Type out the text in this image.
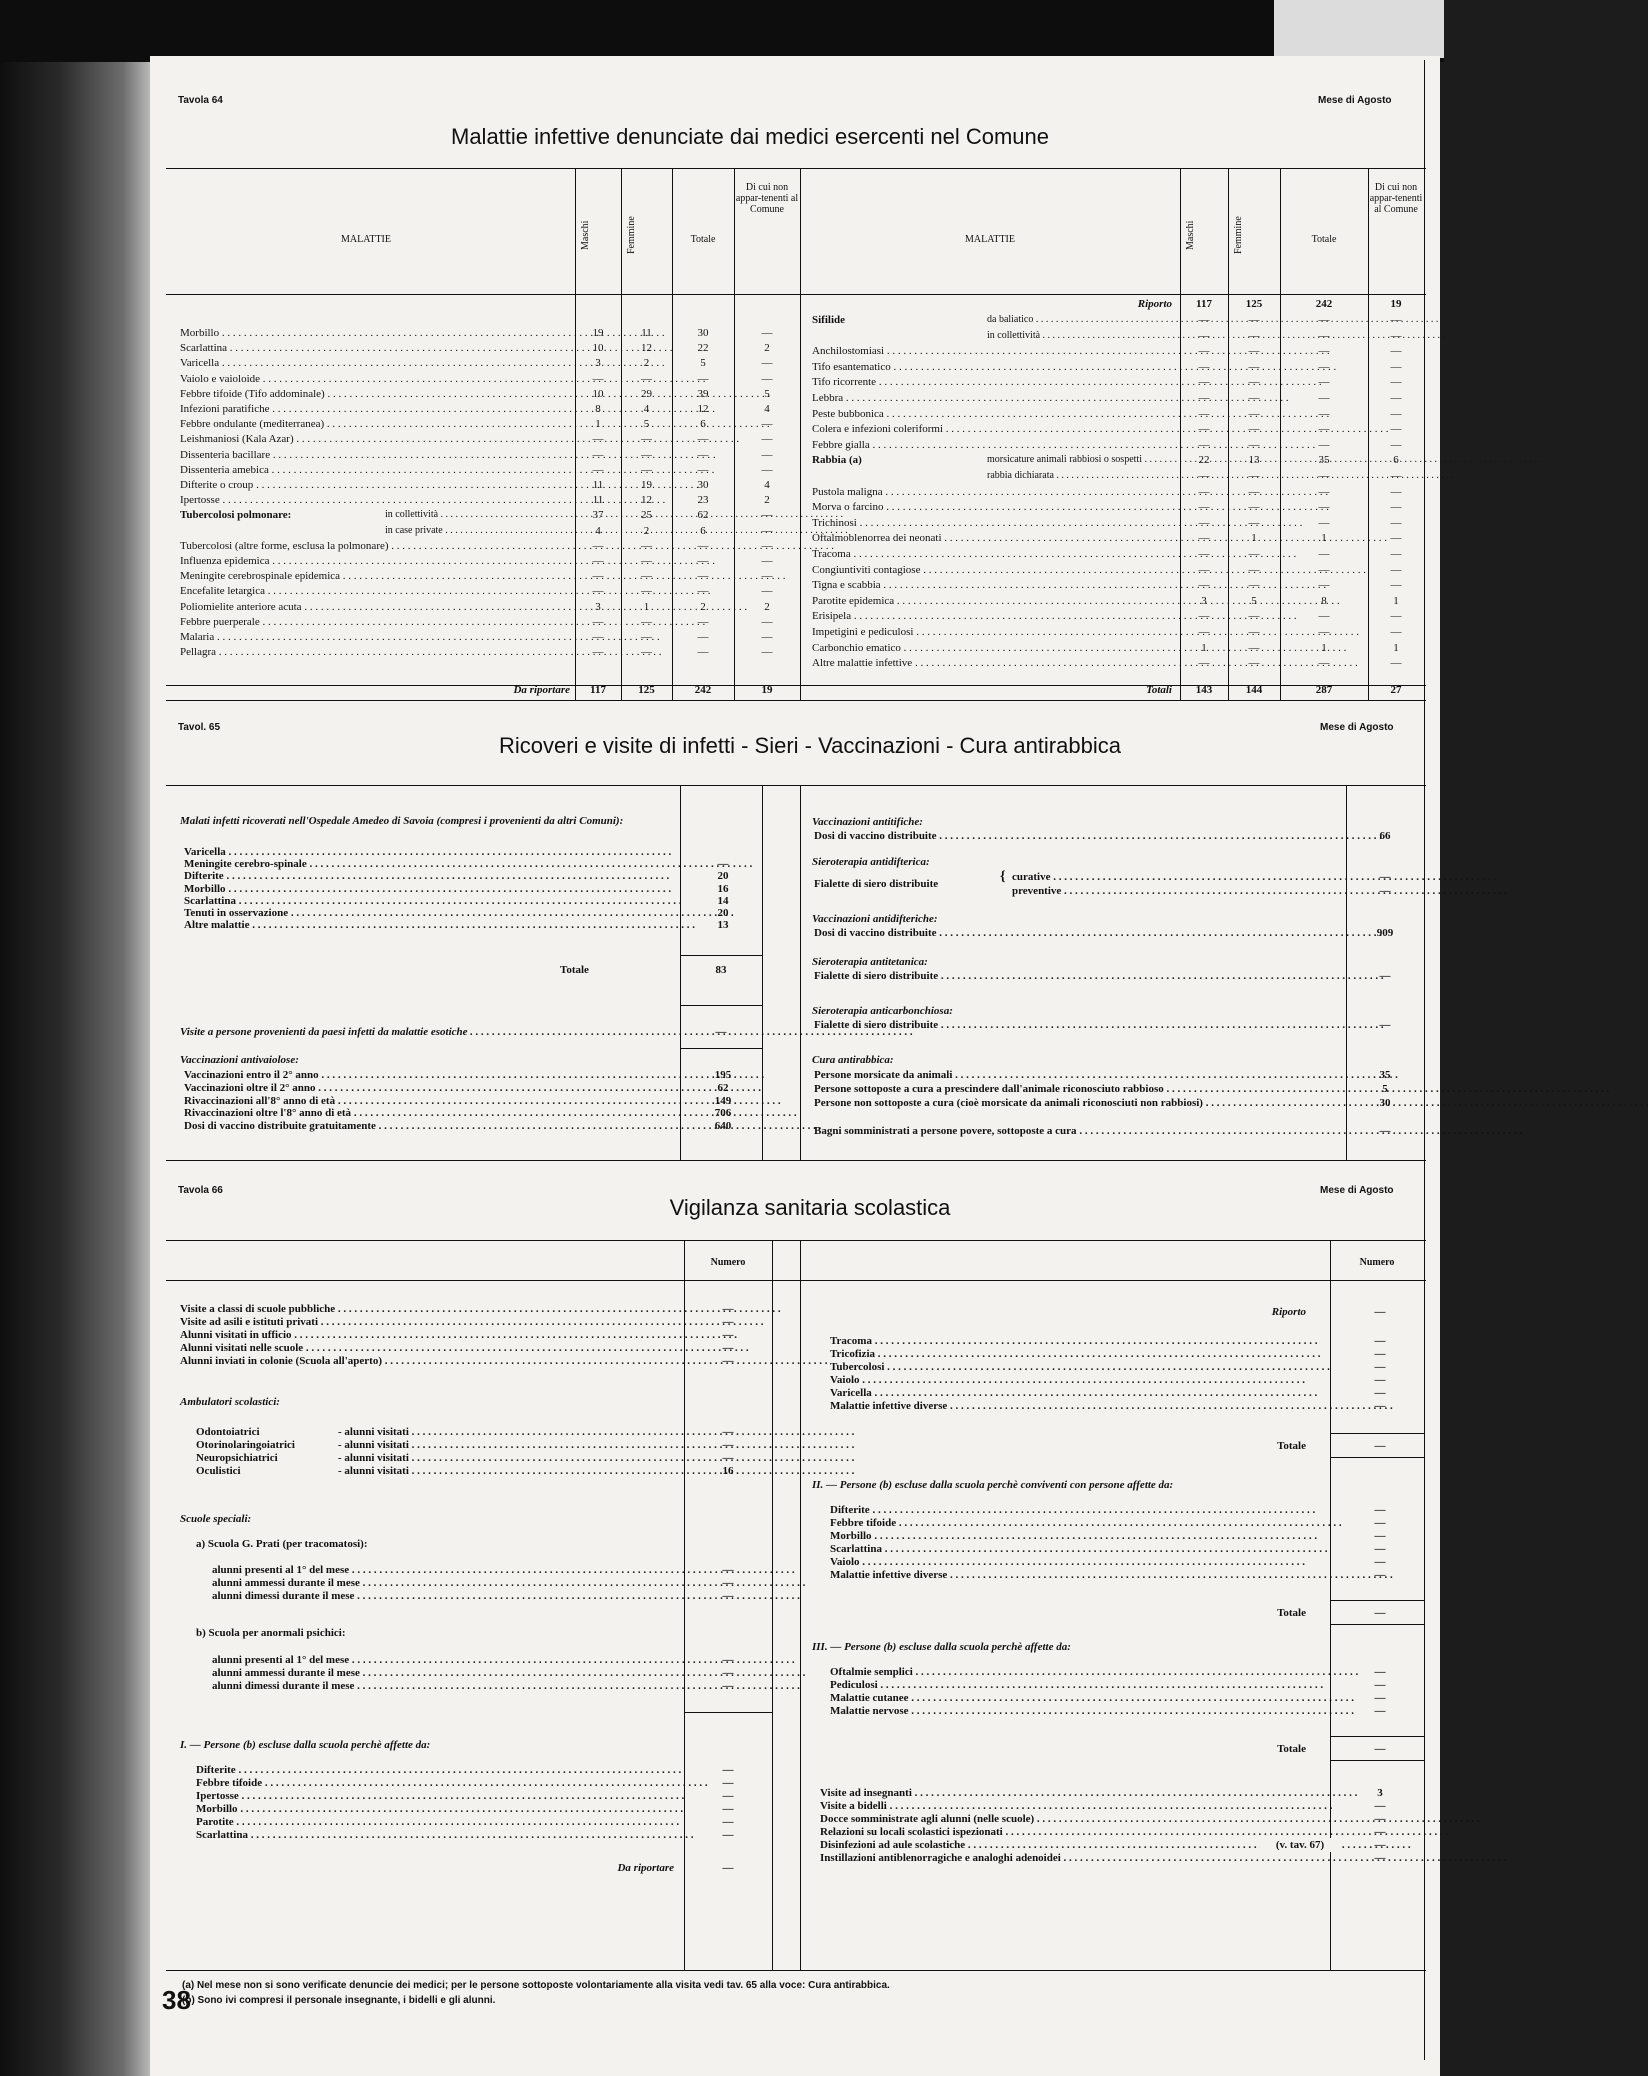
Tavola 64	Mese di Agosto
Malattie infettive denunciate dai medici esercenti nel Comune
MALATTIE	Maschi	Femmine	Totale
Di cui non appar-tenenti al Comune
MALATTIE	Maschi	Femmine	Totale
Di cui non appar-tenenti al Comune
Morbillo . . .	19	11	30	—
Scarlattina . . .	10	12	22	2
Varicella . . .	3	2	5	—
Vaiolo e vaioloide . . .	—	—	—	—
Febbre tifoide (Tifo addominale) . . .	10	29	39	5
Infezioni paratifiche . . .	8	4	12	4
Febbre ondulante (mediterranea) . . .	1	5	6	—
Leishmaniosi (Kala Azar) . . .	—	—	—	—
Dissenteria bacillare . . .	—	—	—	—
Dissenteria amebica . . .	—	—	—	—
Difterite o croup . . .	11	19	30	4
Ipertosse . . .	11	12	23	2
Tubercolosi polmonare:	in collettività . . .	37	25	62	—
in case private . . .	4	2	6	—
Tubercolosi (altre forme, esclusa la polmonare) . . .	—	—	—	—
Influenza epidemica . . .	—	—	—	—
Meningite cerebrospinale epidemica . . .	—	—	—	—
Encefalite letargica . . .	—	—	—	—
Poliomielite anteriore acuta . . .	3	1	2	2
Febbre puerperale . . .	—	—	—	—
Malaria . . .	—	—	—	—
Pellagra . . .	—	—	—	—
Da riportare	117	125	242	19
Riporto	117	125	242	19
Sifilide	da baliatico . . .	—	—	—	—
in collettività . . .	—	—	—	—
Anchilostomiasi . . .	—	—	—	—
Tifo esantematico . . .	—	—	—	—
Tifo ricorrente . . .	—	—	—	—
Lebbra . . .	—	—	—	—
Peste bubbonica . . .	—	—	—	—
Colera e infezioni coleriformi . . .	—	—	—	—
Febbre gialla . . .	—	—	—	—
Rabbia (a)	morsicature animali rabbiosi o sospetti . . .	22	13	35	6
rabbia dichiarata . . .	—	—	—	—
Pustola maligna . . .	—	—	—	—
Morva o farcino . . .	—	—	—	—
Trichinosi . . .	—	—	—	—
Oftalmoblenorrea dei neonati . . .	—	1	1	—
Tracoma . . .	—	—	—	—
Congiuntiviti contagiose . . .	—	—	—	—
Tigna e scabbia . . .	—	—	—	—
Parotite epidemica . . .	3	5	8	1
Erisipela . . .	—	—	—	—
Impetigini e pediculosi . . .	—	—	—	—
Carbonchio ematico . . .	1	—	1	1
Altre malattie infettive . . .	—	—	—	—
Totali	143	144	287	27
Tavol. 65	Mese di Agosto
Ricoveri e visite di infetti - Sieri - Vaccinazioni - Cura antirabbica
Malati infetti ricoverati nell'Ospedale Amedeo di Savoia (compresi i provenienti da altri Comuni):
Varicella . . .
Meningite cerebro-spinale . . .	—
Difterite . . .	20
Morbillo . . .	16
Scarlattina . . .	14
Tenuti in osservazione . . .	20
Altre malattie . . .	13
Totale	83
Visite a persone provenienti da paesi infetti da malattie esotiche . . .	—
Vaccinazioni antivaiolose:
Vaccinazioni entro il 2° anno . . .	195
Vaccinazioni oltre il 2° anno . . .	62
Rivaccinazioni all'8° anno di età . . .	149
Rivaccinazioni oltre l'8° anno di età . . .	706
Dosi di vaccino distribuite gratuitamente . . .	640
Vaccinazioni antitifiche:
Dosi di vaccino distribuite . . .	66
Sieroterapia antidifterica:
Fialette di siero distribuite	{ curative . . .	—
preventive . . .	—
Vaccinazioni antidifteriche:
Dosi di vaccino distribuite . . .	909
Sieroterapia antitetanica:
Fialette di siero distribuite . . .	—
Sieroterapia anticarbonchiosa:
Fialette di siero distribuite . . .	—
Cura antirabbica:
Persone morsicate da animali . . .	35
Persone sottoposte a cura a prescindere dall'animale riconosciuto rabbioso . . .	5
Persone non sottoposte a cura (cioè morsicate da animali riconosciuti non rabbiosi) . . .	30
Bagni somministrati a persone povere, sottoposte a cura . . .	—
Tavola 66	Mese di Agosto
Vigilanza sanitaria scolastica
Numero	Numero
Visite a classi di scuole pubbliche . . .	—
Visite ad asili e istituti privati . . .	—
Alunni visitati in ufficio . . .	—
Alunni visitati nelle scuole . . .	—
Alunni inviati in colonie (Scuola all'aperto) . . .	—
Ambulatori scolastici:
Odontoiatrici	- alunni visitati . . .	—
Otorinolaringoiatrici	- alunni visitati . . .	—
Neuropsichiatrici	- alunni visitati . . .	—
Oculistici	- alunni visitati . . .	16
Scuole speciali:
a) Scuola G. Prati (per tracomatosi):
alunni presenti al 1° del mese . . .	—
alunni ammessi durante il mese . . .	—
alunni dimessi durante il mese . . .	—
b) Scuola per anormali psichici:
alunni presenti al 1° del mese . . .	—
alunni ammessi durante il mese . . .	—
alunni dimessi durante il mese . . .	—
I. — Persone (b) escluse dalla scuola perchè affette da:
Difterite . . .	—
Febbre tifoide . . .	—
Ipertosse . . .	—
Morbillo . . .	—
Parotite . . .	—
Scarlattina . . .	—
Da riportare	—
Riporto	—
Tracoma . . .	—
Tricofizia . . .	—
Tubercolosi . . .	—
Vaiolo . . .	—
Varicella . . .	—
Malattie infettive diverse . . .	—
Totale	—
II. — Persone (b) escluse dalla scuola perchè conviventi con persone affette da:
Difterite . . .	—
Febbre tifoide . . .	—
Morbillo . . .	—
Scarlattina . . .	—
Vaiolo . . .	—
Malattie infettive diverse . . .	—
Totale	—
III. — Persone (b) escluse dalla scuola perchè affette da:
Oftalmie semplici . . .	—
Pediculosi . . .	—
Malattie cutanee . . .	—
Malattie nervose . . .	—
Totale	—
Visite ad insegnanti . . .	3
Visite a bidelli . . .	—
Docce somministrate agli alunni (nelle scuole) . . .	—
Relazioni su locali scolastici ispezionati . . .	—
Disinfezioni ad aule scolastiche . . .	—
(v. tav. 67)
Instillazioni antiblenorragiche e analoghi adenoidei . . .	—
(a) Nel mese non si sono verificate denuncie dei medici; per le persone sottoposte volontariamente alla visita vedi tav. 65 alla voce: Cura antirabbica.
(b) Sono ivi compresi il personale insegnante, i bidelli e gli alunni.
38
